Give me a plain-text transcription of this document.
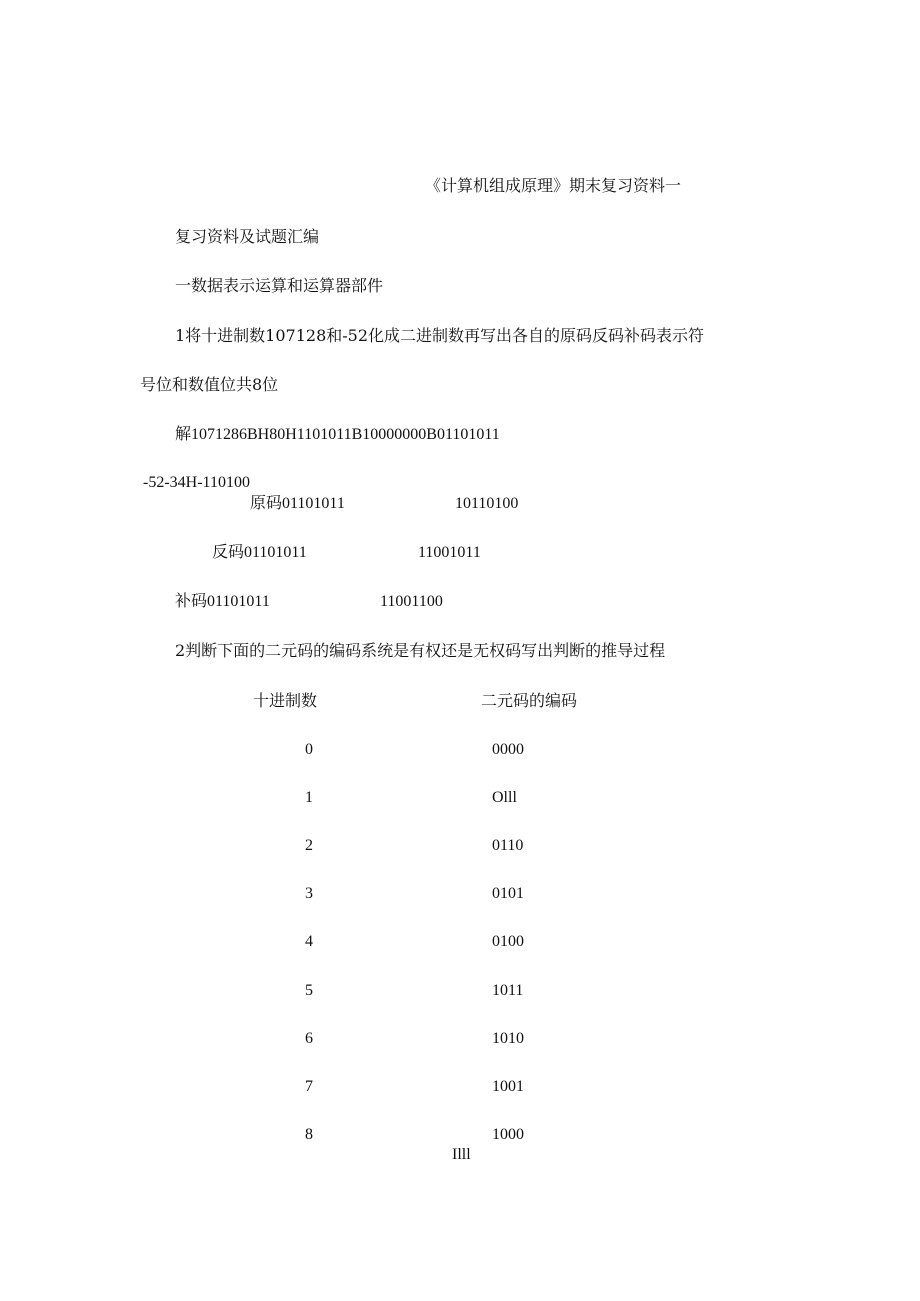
《计算机组成原理》期末复习资料一
复习资料及试题汇编
一数据表示运算和运算器部件
1将十进制数107128和-52化成二进制数再写出各自的原码反码补码表示符
号位和数值位共8位
解1071286BH80H1101011B10000000B01101011
-52-34H-110100
原码01101011	10110100
反码01101011	11001011
补码01101011	11001100
2判断下面的二元码的编码系统是有权还是无权码写出判断的推导过程
十进制数	二元码的编码
0	0000
1	Olll
2	0110
3	0101
4	0100
5	1011
6	1010
7	1001
8	1000
Illl
